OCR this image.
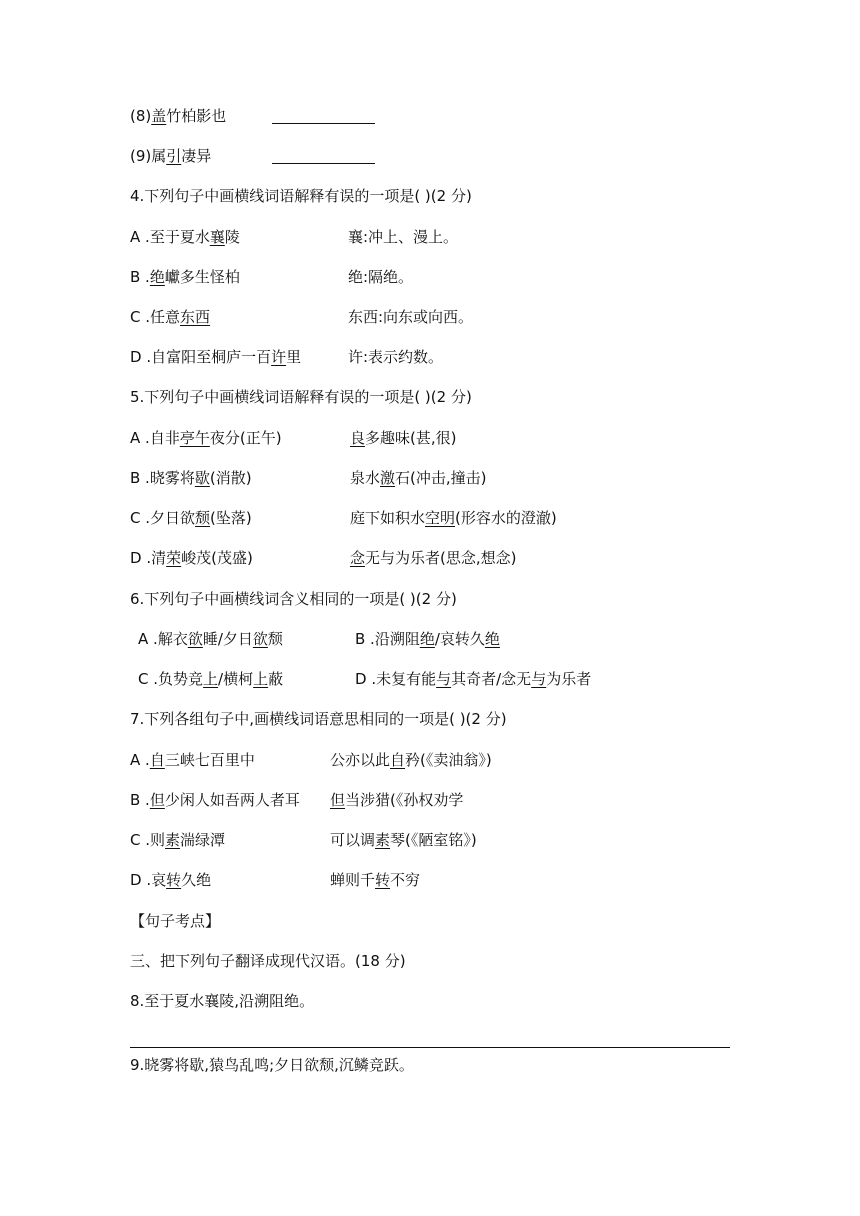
(8)盖竹柏影也
(9)属引凄异
4.下列句子中画横线词语解释有误的一项是( )(2 分)
A .至于夏水襄陵	襄:冲上、漫上。
B .绝巘多生怪柏	绝:隔绝。
C .任意东西	东西:向东或向西。
D .自富阳至桐庐一百许里	许:表示约数。
5.下列句子中画横线词语解释有误的一项是( )(2 分)
A .自非亭午夜分(正午)	良多趣味(甚,很)
B .晓雾将歇(消散)	泉水激石(冲击,撞击)
C .夕日欲颓(坠落)	庭下如积水空明(形容水的澄澈)
D .清荣峻茂(茂盛)	念无与为乐者(思念,想念)
6.下列句子中画横线词含义相同的一项是( )(2 分)
A .解衣欲睡/夕日欲颓	B .沿溯阻绝/哀转久绝
C .负势竞上/横柯上蔽	D .未复有能与其奇者/念无与为乐者
7.下列各组句子中,画横线词语意思相同的一项是( )(2 分)
A .自三峡七百里中	公亦以此自矜(《卖油翁》)
B .但少闲人如吾两人者耳 但当涉猎(《孙权劝学
C .则素湍绿潭	可以调素琴(《陋室铭》)
D .哀转久绝	蝉则千转不穷
【句子考点】
三、把下列句子翻译成现代汉语。(18 分)
8.至于夏水襄陵,沿溯阻绝。
9.晓雾将歇,猿鸟乱鸣;夕日欲颓,沉鳞竞跃。
